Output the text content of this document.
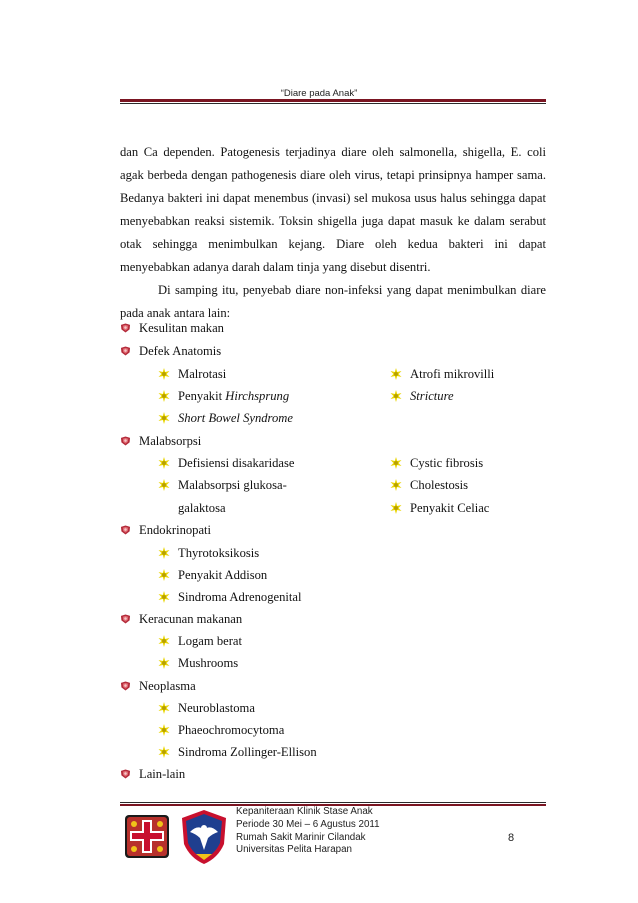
“Diare pada Anak”
dan Ca dependen. Patogenesis terjadinya diare oleh salmonella, shigella, E. coli agak berbeda dengan pathogenesis diare oleh virus, tetapi prinsipnya hamper sama. Bedanya bakteri ini dapat menembus (invasi) sel mukosa usus halus sehingga dapat menyebabkan reaksi sistemik. Toksin shigella juga dapat masuk ke dalam serabut otak sehingga menimbulkan kejang. Diare oleh kedua bakteri ini dapat menyebabkan adanya darah dalam tinja yang disebut disentri.
Di samping itu, penyebab diare non-infeksi yang dapat menimbulkan diare pada anak antara lain:
Kesulitan makan
Defek Anatomis
Malrotasi	Atrofi mikrovilli
Penyakit Hirchsprung	Stricture
Short Bowel Syndrome
Malabsorpsi
Defisiensi disakaridase	Cystic fibrosis
Malabsorpsi glukosa-	Cholestosis
galaktosa	Penyakit Celiac
Endokrinopati
Thyrotoksikosis
Penyakit Addison
Sindroma Adrenogenital
Keracunan makanan
Logam berat
Mushrooms
Neoplasma
Neuroblastoma
Phaeochromocytoma
Sindroma Zollinger-Ellison
Lain-lain
Kepaniteraan Klinik Stase Anak
Periode 30 Mei – 6 Agustus 2011
Rumah Sakit Marinir Cilandak
Universitas Pelita Harapan
8
